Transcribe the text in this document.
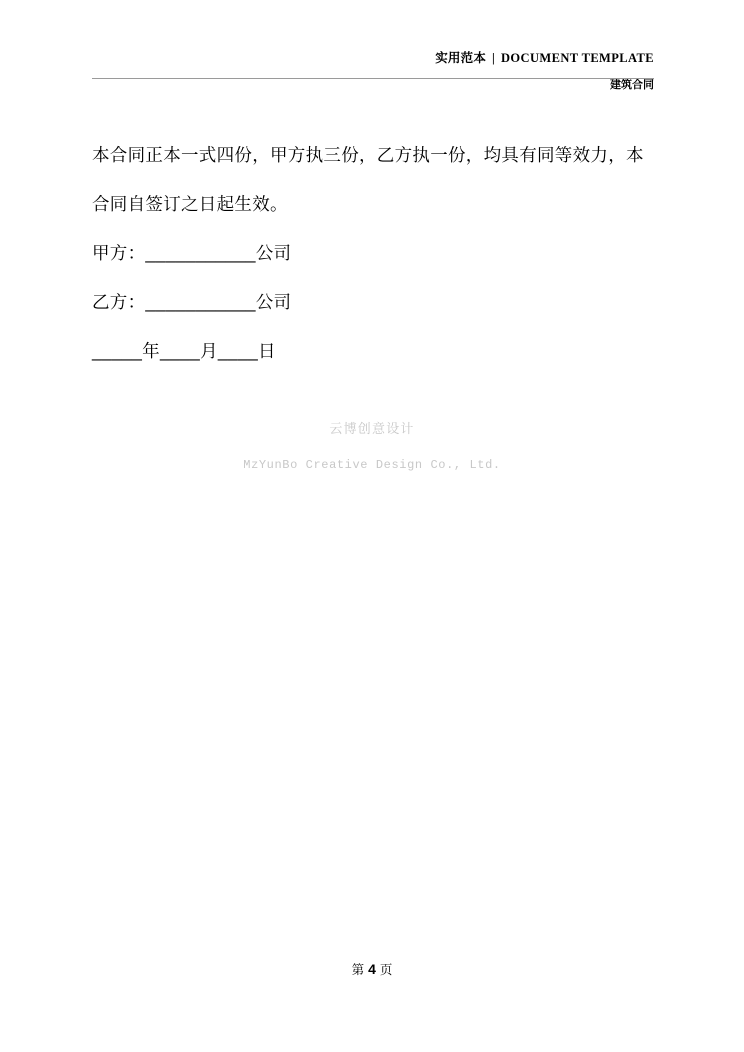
实用范本 | DOCUMENT TEMPLATE
建筑合同
本合同正本一式四份，甲方执三份，乙方执一份，均具有同等效力，本合同自签订之日起生效。
甲方：___________公司
乙方：___________公司
_____年____月____日
云博创意设计
MzYunBo Creative Design Co., Ltd.
第 4 页
